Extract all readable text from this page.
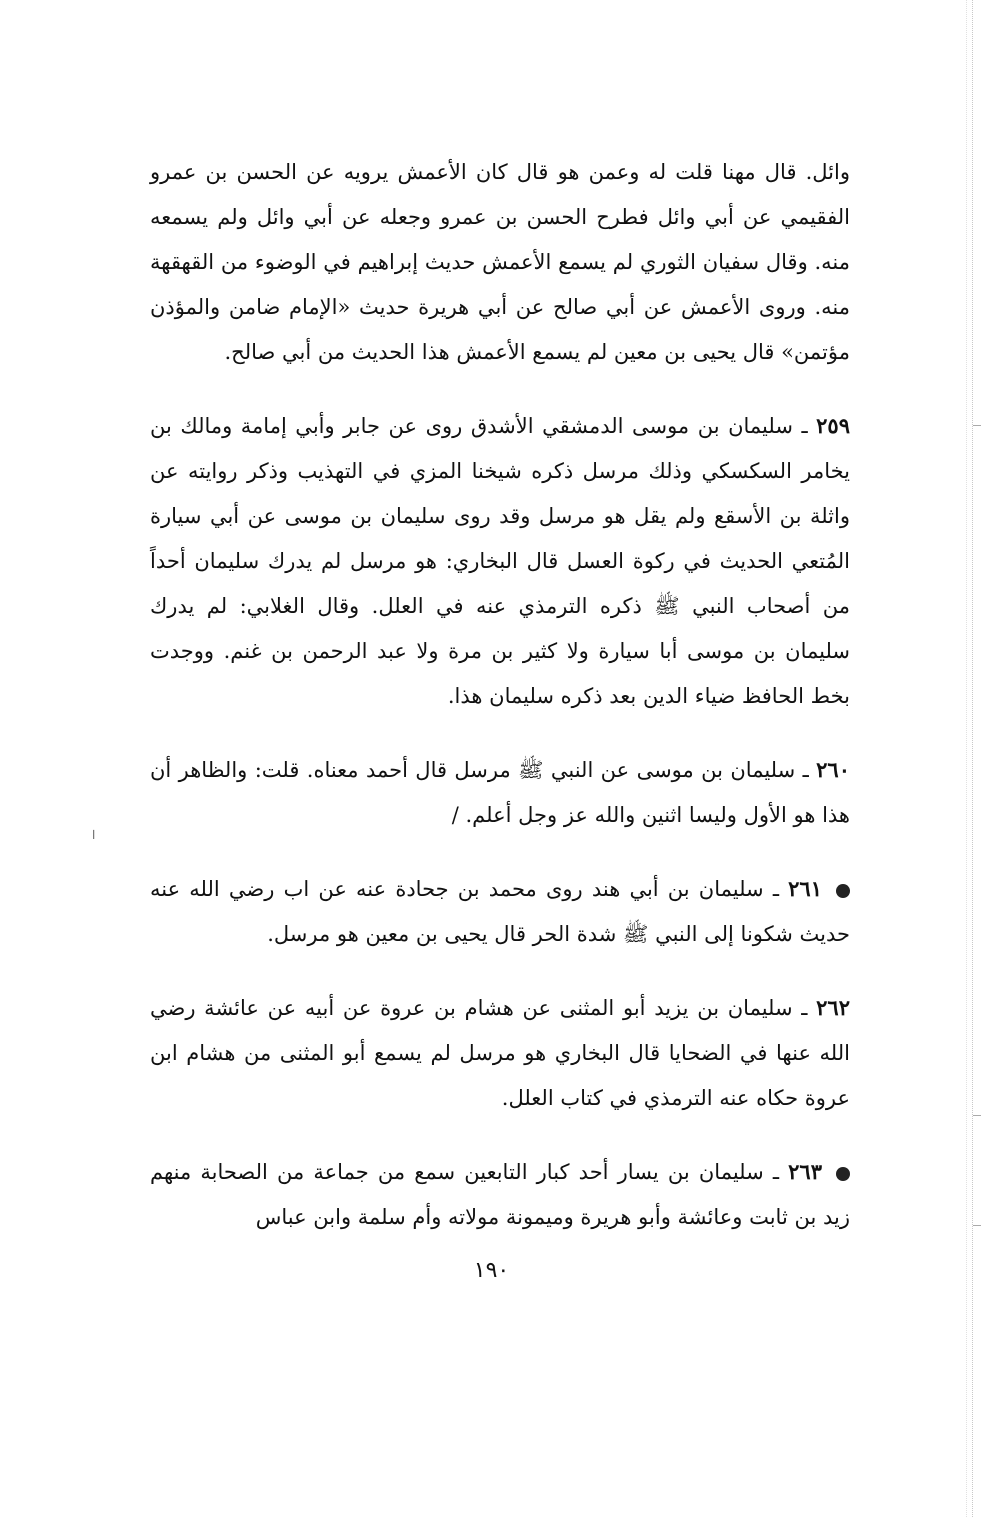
ا

وائل. قال مهنا قلت له وعمن هو قال كان الأعمش يرويه عن الحسن بن عمرو الفقيمي عن أبي وائل فطرح الحسن بن عمرو وجعله عن أبي وائل ولم يسمعه منه. وقال سفيان الثوري لم يسمع الأعمش حديث إبراهيم في الوضوء من القهقهة منه. وروى الأعمش عن أبي صالح عن أبي هريرة حديث «الإمام ضامن والمؤذن مؤتمن» قال يحيى بن معين لم يسمع الأعمش هذا الحديث من أبي صالح.

٢٥٩ ـ سليمان بن موسى الدمشقي الأشدق روى عن جابر وأبي إمامة ومالك بن يخامر السكسكي وذلك مرسل ذكره شيخنا المزي في التهذيب وذكر روايته عن واثلة بن الأسقع ولم يقل هو مرسل وقد روى سليمان بن موسى عن أبي سيارة المُتعي الحديث في ركوة العسل قال البخاري: هو مرسل لم يدرك سليمان أحداً من أصحاب النبي ﷺ ذكره الترمذي عنه في العلل. وقال الغلابي: لم يدرك سليمان بن موسى أبا سيارة ولا كثير بن مرة ولا عبد الرحمن بن غنم. ووجدت بخط الحافظ ضياء الدين بعد ذكره سليمان هذا.

٢٦٠ ـ سليمان بن موسى عن النبي ﷺ مرسل قال أحمد معناه. قلت: والظاهر أن هذا هو الأول وليسا اثنين والله عز وجل أعلم. /

٢٦١ ـ سليمان بن أبي هند روى محمد بن جحادة عنه عن اب رضي الله عنه حديث شكونا إلى النبي ﷺ شدة الحر قال يحيى بن معين هو مرسل.

٢٦٢ ـ سليمان بن يزيد أبو المثنى عن هشام بن عروة عن أبيه عن عائشة رضي الله عنها في الضحايا قال البخاري هو مرسل لم يسمع أبو المثنى من هشام ابن عروة حكاه عنه الترمذي في كتاب العلل.

٢٦٣ ـ سليمان بن يسار أحد كبار التابعين سمع من جماعة من الصحابة منهم زيد بن ثابت وعائشة وأبو هريرة وميمونة مولاته وأم سلمة وابن عباس

١٩٠
